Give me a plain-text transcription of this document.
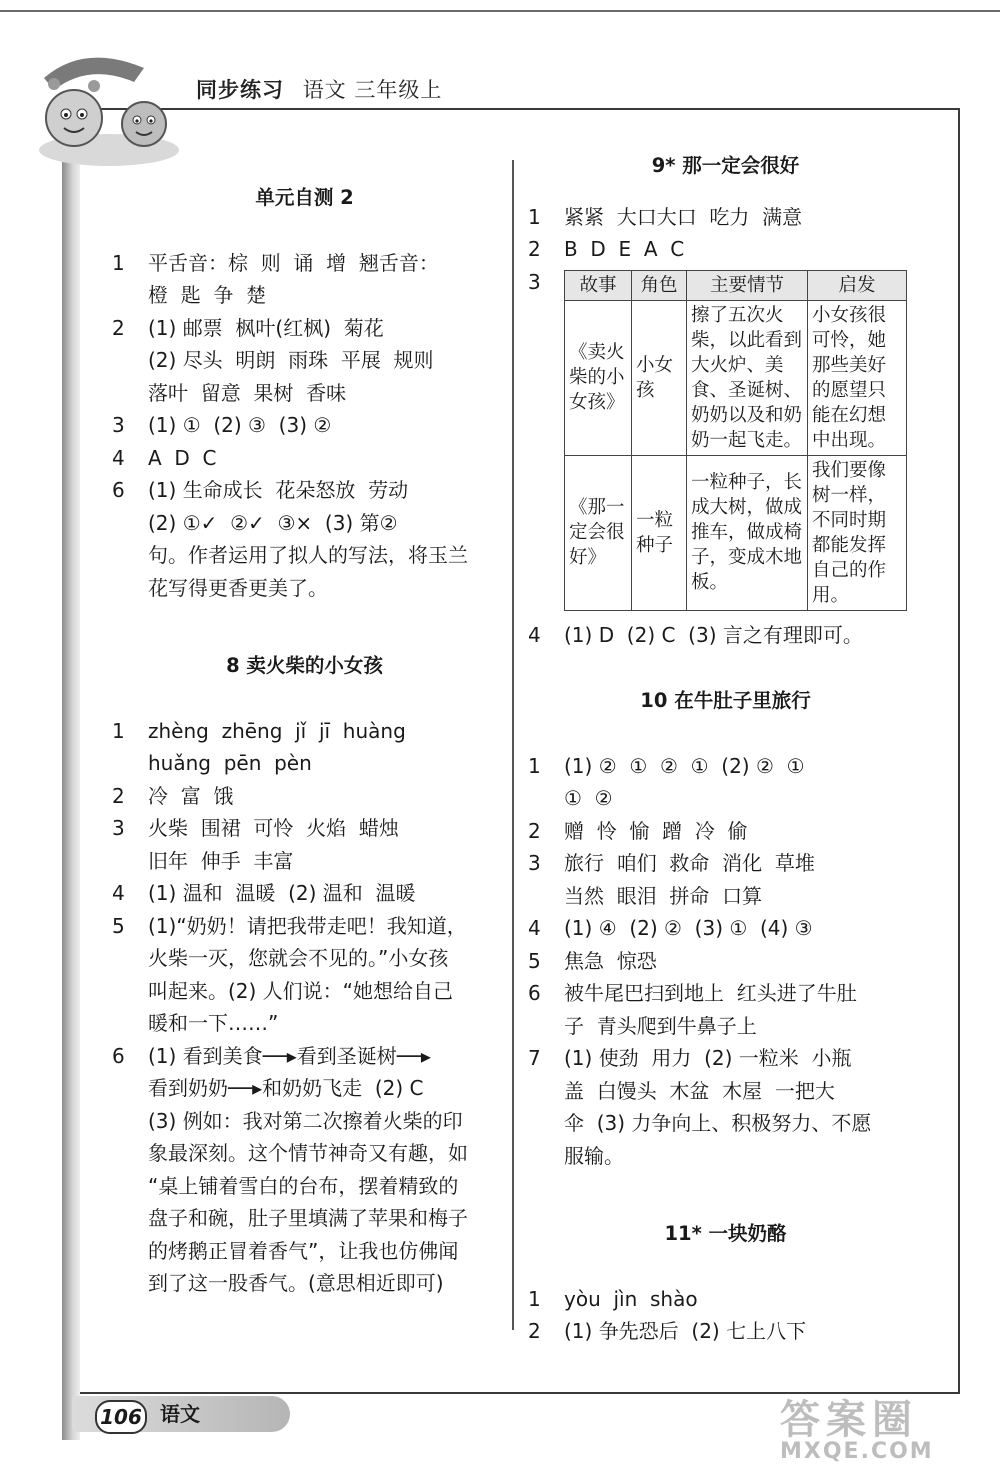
同步练习 语文 三年级上
单元自测 2
1	平舌音：棕  则  诵  增  翘舌音：
橙  匙  争  楚
2	(1) 邮票  枫叶(红枫)  菊花
(2) 尽头  明朗  雨珠  平展  规则
落叶  留意  果树  香味
3	(1) ①  (2) ③  (3) ②
4	A  D  C
6	(1) 生命成长  花朵怒放  劳动
(2) ①✓  ②✓  ③×  (3) 第②
句。作者运用了拟人的写法，将玉兰
花写得更香更美了。
8 卖火柴的小女孩
1	zhèng  zhēng  jǐ  jī  huàng
huǎng  pēn  pèn
2	冷  富  饿
3	火柴  围裙  可怜  火焰  蜡烛
旧年  伸手  丰富
4	(1) 温和  温暖  (2) 温和  温暖
5	(1)“奶奶！请把我带走吧！我知道，
火柴一灭，您就会不见的。”小女孩
叫起来。(2) 人们说：“她想给自己
暖和一下……”
6	(1) 看到美食──▸看到圣诞树──▸
看到奶奶──▸和奶奶飞走  (2) C
(3) 例如：我对第二次擦着火柴的印
象最深刻。这个情节神奇又有趣，如
“桌上铺着雪白的台布，摆着精致的
盘子和碗，肚子里填满了苹果和梅子
的烤鹅正冒着香气”，让我也仿佛闻
到了这一股香气。(意思相近即可)
9* 那一定会很好
1	紧紧  大口大口  吃力  满意
2	B  D  E  A  C
3	故事	角色	主要情节	启发
《卖火柴的小女孩》	小女孩	擦了五次火柴，以此看到大火炉、美食、圣诞树、奶奶以及和奶奶一起飞走。	小女孩很可怜，她那些美好的愿望只能在幻想中出现。
《那一定会很好》	一粒种子	一粒种子，长成大树，做成推车，做成椅子，变成木地板。	我们要像树一样，不同时期都能发挥自己的作用。
4	(1) D  (2) C  (3) 言之有理即可。
10 在牛肚子里旅行
1	(1) ②  ①  ②  ①  (2) ②  ①
①  ②
2	赠  怜  愉  蹭  冷  偷
3	旅行  咱们  救命  消化  草堆
当然  眼泪  拼命  口算
4	(1) ④  (2) ②  (3) ①  (4) ③
5	焦急  惊恐
6	被牛尾巴扫到地上  红头进了牛肚
子  青头爬到牛鼻子上
7	(1) 使劲  用力  (2) 一粒米  小瓶
盖  白馒头  木盆  木屋  一把大
伞  (3) 力争向上、积极努力、不愿
服输。
11* 一块奶酪
1	yòu  jìn  shào
2	(1) 争先恐后  (2) 七上八下
106 语文	答案圈
MXQE.COM
